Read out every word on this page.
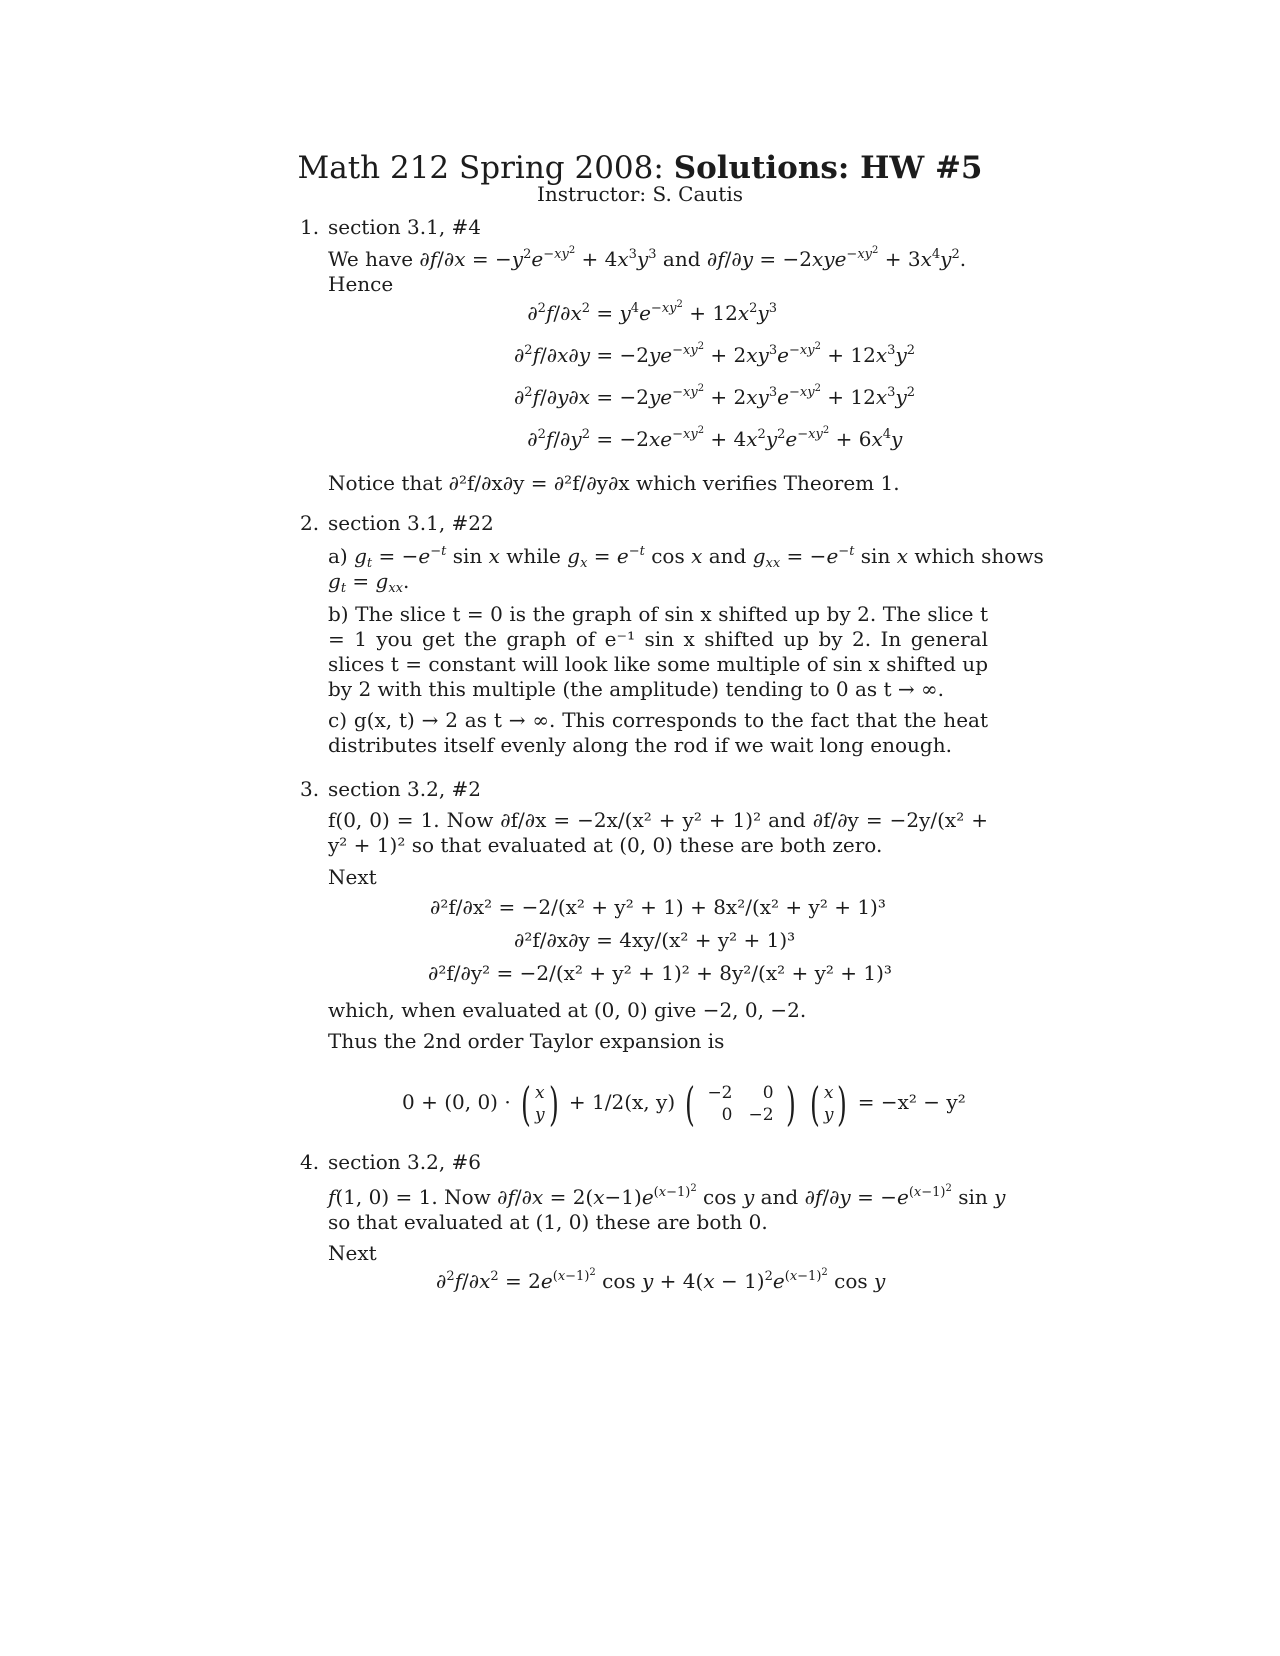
Math 212 Spring 2008: Solutions: HW #5
Instructor: S. Cautis
1. section 3.1, #4
We have $\partial f/\partial x = -y^2e^{-xy^2} + 4x^3y^3$ and $\partial f/\partial y = -2xye^{-xy^2} + 3x^4y^2$.
Hence
$\partial^2f/\partial x^2 = y^4e^{-xy^2} + 12x^2y^3$
$\partial^2f/\partial x\partial y = -2ye^{-xy^2} + 2xy^3e^{-xy^2} + 12x^3y^2$
$\partial^2f/\partial y\partial x = -2ye^{-xy^2} + 2xy^3e^{-xy^2} + 12x^3y^2$
$\partial^2f/\partial y^2 = -2xe^{-xy^2} + 4x^2y^2e^{-xy^2} + 6x^4y$
Notice that ∂²f/∂x∂y = ∂²f/∂y∂x which verifies Theorem 1.
2. section 3.1, #22
a) $g_t = -e^{-t}$ sin x while $g_x = e^{-t}$ cos x and $g_{xx} = -e^{-t}$ sin x which shows
$g_t = g_{xx}$.
b) The slice t = 0 is the graph of sin x shifted up by 2. The slice t = 1 you get the graph of e⁻¹ sin x shifted up by 2. In general slices t = constant will look like some multiple of sin x shifted up by 2 with this multiple (the amplitude) tending to 0 as t → ∞.
c) g(x, t) → 2 as t → ∞. This corresponds to the fact that the heat distributes itself evenly along the rod if we wait long enough.
3. section 3.2, #2
f(0, 0) = 1. Now ∂f/∂x = −2x/(x² + y² + 1)² and ∂f/∂y = −2y/(x² + y² + 1)² so that evaluated at (0, 0) these are both zero.
Next
∂²f/∂x² = −2/(x² + y² + 1) + 8x²/(x² + y² + 1)³
∂²f/∂x∂y = 4xy/(x² + y² + 1)³
∂²f/∂y² = −2/(x² + y² + 1)² + 8y²/(x² + y² + 1)³
which, when evaluated at (0, 0) give −2, 0, −2.
Thus the 2nd order Taylor expansion is
0 + (0, 0) · ( x
y) + 1/2(x, y) ( −2	0
0	−2 ) ( x
y) = −x² − y²
4. section 3.2, #6
f(1, 0) = 1. Now $\partial f/\partial x = 2(x-1)e^{(x-1)^2}$ cos y and $\partial f/\partial y = -e^{(x-1)^2}$ sin y
so that evaluated at (1, 0) these are both 0.
Next
$\partial^2f/\partial x^2 = 2e^{(x-1)^2}$ $\cos y + 4(x - 1)^2e^{(x-1)^2}$ cos y
